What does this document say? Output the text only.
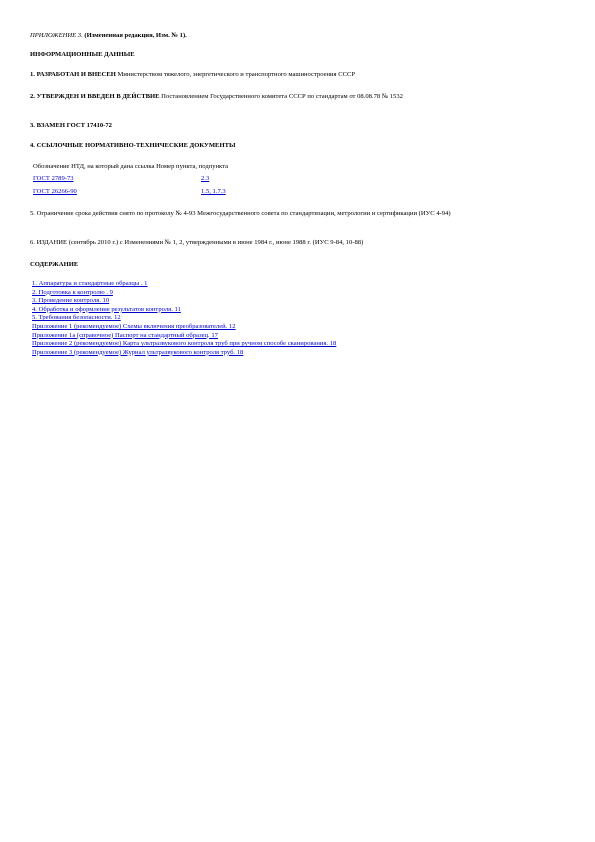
ПРИЛОЖЕНИЕ 3. (Измененная редакция, Изм. № 1).
ИНФОРМАЦИОННЫЕ ДАННЫЕ
1. РАЗРАБОТАН И ВНЕСЕН Министерством тяжелого, энергетического и транспортного машиностроения СССР
2. УТВЕРЖДЕН И ВВЕДЕН В ДЕЙСТВИЕ Постановлением Государственного комитета СССР по стандартам от 08.08.78 № 1532
3. ВЗАМЕН ГОСТ 17410-72
4. ССЫЛОЧНЫЕ НОРМАТИВНО-ТЕХНИЧЕСКИЕ ДОКУМЕНТЫ
Обозначение НТД, на который дана ссылка Номер пункта, подпункта
ГОСТ 2789-73	2.3
ГОСТ 26266-90	1.5, 1.7.3
5. Ограничение срока действия снято по протоколу № 4-93 Межгосударственного совета по стандартизации, метрологии и сертификации (ИУС 4-94)
6. ИЗДАНИЕ (сентябрь 2010 г.) с Изменениями № 1, 2, утвержденными в июне 1984 г., июне 1988 г. (ИУС 9-84, 10-88)
СОДЕРЖАНИЕ
1. Аппаратура и стандартные образцы . 1
2. Подготовка к контролю . 9
3. Проведение контроля. 10
4. Обработка и оформление результатов контроля. 11
5. Требования безопасности. 12
Приложение 1 (рекомендуемое) Схемы включения преобразователей. 12
Приложение 1а (справочное) Паспорт на стандартный образец. 17
Приложение 2 (рекомендуемое) Карта ультразвукового контроля труб при ручном способе сканирования. 18
Приложение 3 (рекомендуемое) Журнал ультразвукового контроля труб. 18
